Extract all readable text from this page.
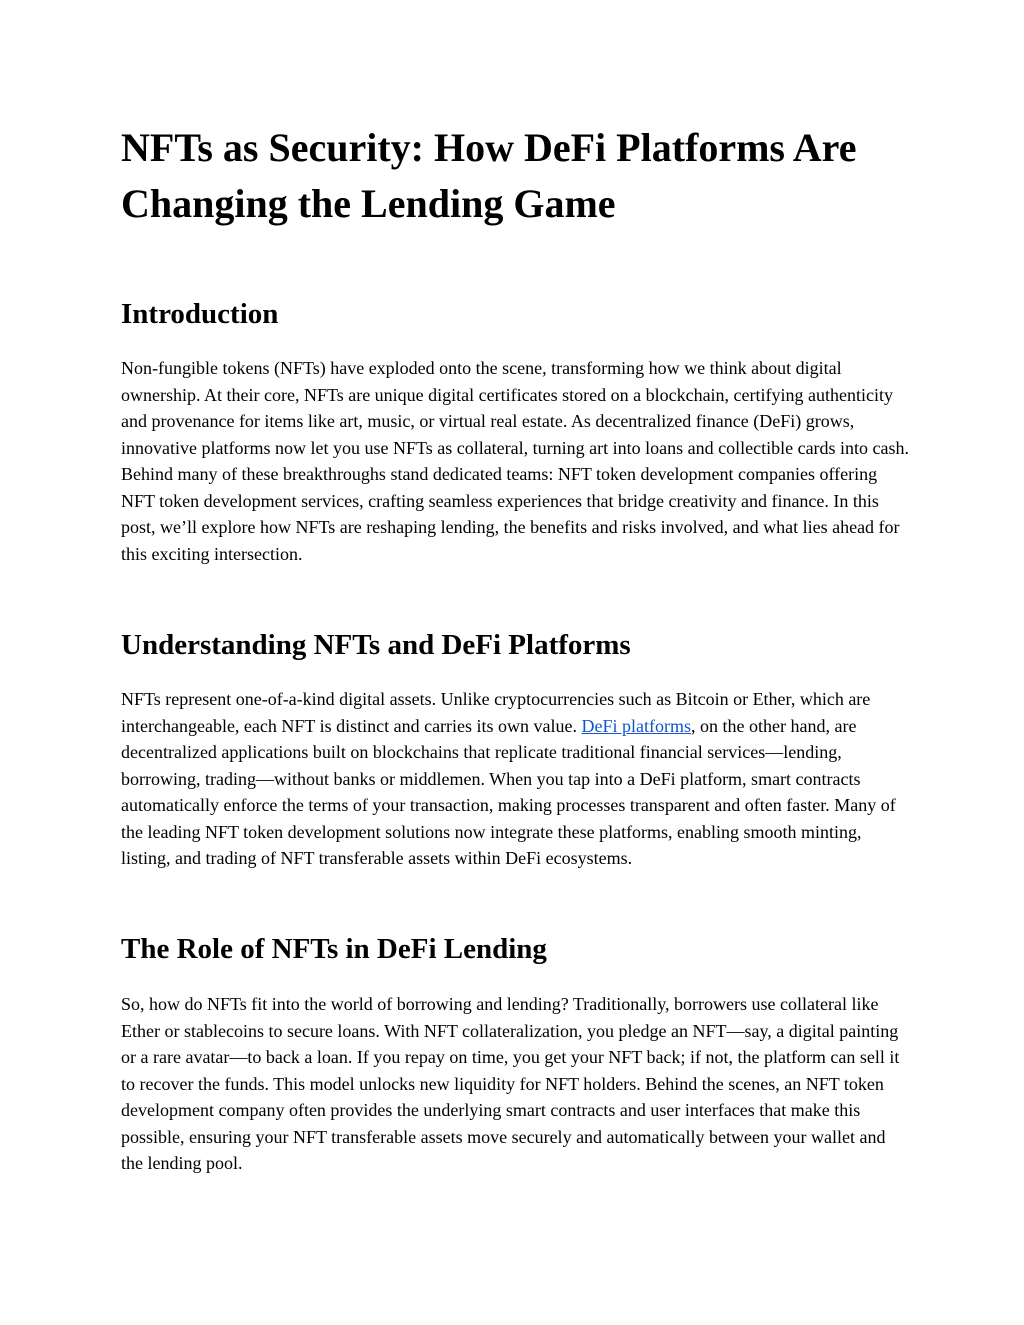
NFTs as Security: How DeFi Platforms Are Changing the Lending Game
Introduction

Non-fungible tokens (NFTs) have exploded onto the scene, transforming how we think about digital ownership. At their core, NFTs are unique digital certificates stored on a blockchain, certifying authenticity and provenance for items like art, music, or virtual real estate. As decentralized finance (DeFi) grows, innovative platforms now let you use NFTs as collateral, turning art into loans and collectible cards into cash. Behind many of these breakthroughs stand dedicated teams: NFT token development companies offering NFT token development services, crafting seamless experiences that bridge creativity and finance. In this post, we’ll explore how NFTs are reshaping lending, the benefits and risks involved, and what lies ahead for this exciting intersection.

Understanding NFTs and DeFi Platforms

NFTs represent one-of-a-kind digital assets. Unlike cryptocurrencies such as Bitcoin or Ether, which are interchangeable, each NFT is distinct and carries its own value. DeFi platforms, on the other hand, are decentralized applications built on blockchains that replicate traditional financial services—lending, borrowing, trading—without banks or middlemen. When you tap into a DeFi platform, smart contracts automatically enforce the terms of your transaction, making processes transparent and often faster. Many of the leading NFT token development solutions now integrate these platforms, enabling smooth minting, listing, and trading of NFT transferable assets within DeFi ecosystems.

The Role of NFTs in DeFi Lending

So, how do NFTs fit into the world of borrowing and lending? Traditionally, borrowers use collateral like Ether or stablecoins to secure loans. With NFT collateralization, you pledge an NFT—say, a digital painting or a rare avatar—to back a loan. If you repay on time, you get your NFT back; if not, the platform can sell it to recover the funds. This model unlocks new liquidity for NFT holders. Behind the scenes, an NFT token development company often provides the underlying smart contracts and user interfaces that make this possible, ensuring your NFT transferable assets move securely and automatically between your wallet and the lending pool.
